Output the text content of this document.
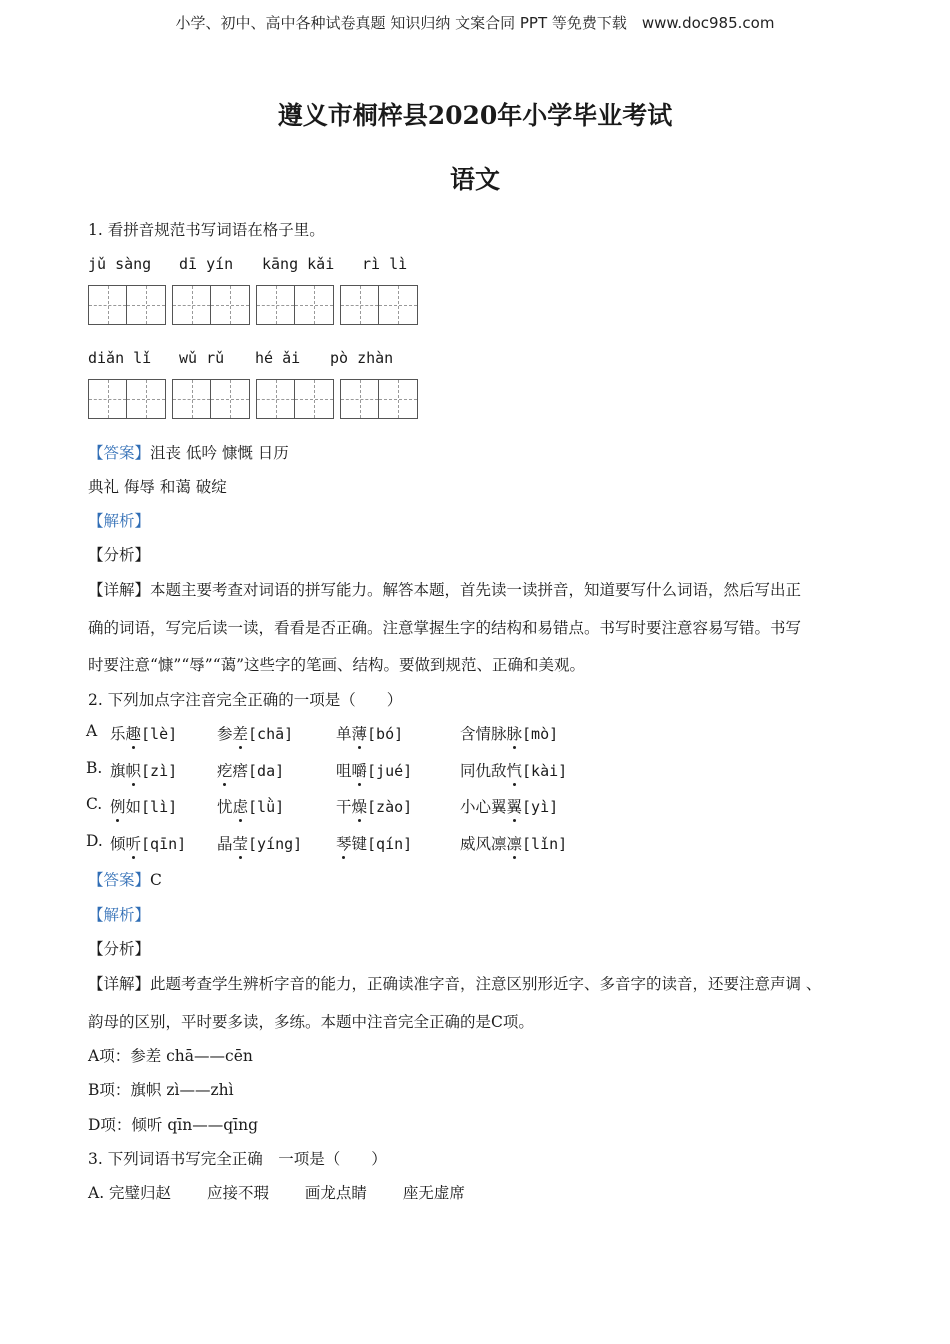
小学、初中、高中各种试卷真题 知识归纳 文案合同 PPT 等免费下载　www.doc985.com
遵义市桐梓县2020年小学毕业考试
语文
1. 看拼音规范书写词语在格子里。
jǔ sàng dī yín kāng kǎi rì lì
diǎn lǐ wǔ rǔ hé ǎi pò zhàn
【答案】沮丧 低吟 慷慨 日历
典礼 侮辱 和蔼 破绽
【解析】
【分析】
【详解】本题主要考查对词语的拼写能力。解答本题，首先读一读拼音，知道要写什么词语，然后写出正
确的词语，写完后读一读，看看是否正确。注意掌握生字的结构和易错点。书写时要注意容易写错。书写
时要注意“慷”“辱”“蔼”这些字的笔画、结构。要做到规范、正确和美观。
2. 下列加点字注音完全正确的一项是（　　）
A 乐趣[lè]	参差[chā]	单薄[bó]	含情脉脉[mò]
B. 旗帜[zì]	疙瘩[da]	咀嚼[jué]	同仇敌忾[kài]
C. 例如[lì]	忧虑[lǜ]	干燥[zào]	小心翼翼[yì]
D. 倾听[qīn] 晶莹[yíng] 琴键[qín]	威风凛凛[lǐn]
【答案】C
【解析】
【分析】
【详解】此题考查学生辨析字音的能力，正确读准字音，注意区别形近字、多音字的读音，还要注意声调 、
韵母的区别，平时要多读，多练。本题中注音完全正确的是C项。
A项：参差 chā——cēn
B项：旗帜 zì——zhì
D项：倾听 qīn——qīng
3. 下列词语书写完全正确　一项是（　　）
A. 完璧归赵　　 应接不瑕　　 画龙点睛　　 座无虚席
